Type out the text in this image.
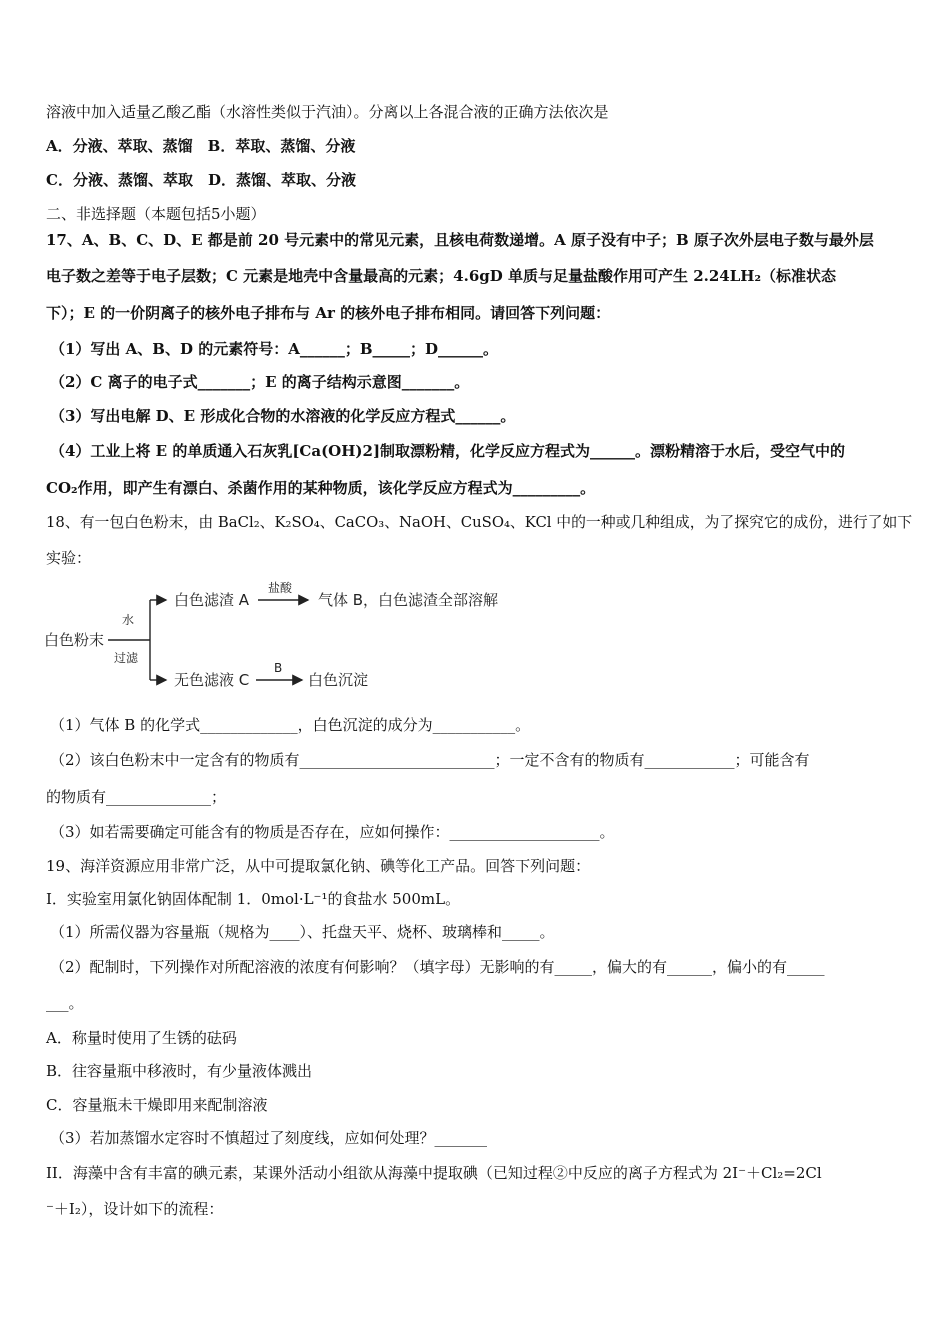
溶液中加入适量乙酸乙酯（水溶性类似于汽油）。分离以上各混合液的正确方法依次是
A．分液、萃取、蒸馏　B．萃取、蒸馏、分液
C．分液、蒸馏、萃取　D．蒸馏、萃取、分液
二、非选择题（本题包括5小题）
17、A、B、C、D、E 都是前 20 号元素中的常见元素，且核电荷数递增。A 原子没有中子；B 原子次外层电子数与最外层
电子数之差等于电子层数；C 元素是地壳中含量最高的元素；4.6gD 单质与足量盐酸作用可产生 2.24LH₂（标准状态
下）；E 的一价阴离子的核外电子排布与 Ar 的核外电子排布相同。请回答下列问题：
（1）写出 A、B、D 的元素符号：A______；B_____；D______。
（2）C 离子的电子式_______；E 的离子结构示意图_______。
（3）写出电解 D、E 形成化合物的水溶液的化学反应方程式______。
（4）工业上将 E 的单质通入石灰乳[Ca(OH)2]制取漂粉精，化学反应方程式为______。漂粉精溶于水后，受空气中的
CO₂作用，即产生有漂白、杀菌作用的某种物质，该化学反应方程式为_________。
18、有一包白色粉末，由 BaCl₂、K₂SO₄、CaCO₃、NaOH、CuSO₄、KCl 中的一种或几种组成，为了探究它的成份，进行了如下
实验：
白色粉末
水
过滤
白色滤渣 A
盐酸
气体 B，白色滤渣全部溶解
无色滤液 C
B
白色沉淀
（1）气体 B 的化学式_____________，白色沉淀的成分为___________。
（2）该白色粉末中一定含有的物质有__________________________；一定不含有的物质有____________；可能含有
的物质有______________；
（3）如若需要确定可能含有的物质是否存在，应如何操作：____________________。
19、海洋资源应用非常广泛，从中可提取氯化钠、碘等化工产品。回答下列问题：
I．实验室用氯化钠固体配制 1．0mol·L⁻¹的食盐水 500mL。
（1）所需仪器为容量瓶（规格为____）、托盘天平、烧杯、玻璃棒和_____。
（2）配制时，下列操作对所配溶液的浓度有何影响？（填字母）无影响的有_____，偏大的有______，偏小的有_____
___。
A．称量时使用了生锈的砝码
B．往容量瓶中移液时，有少量液体溅出
C．容量瓶未干燥即用来配制溶液
（3）若加蒸馏水定容时不慎超过了刻度线，应如何处理？_______
II．海藻中含有丰富的碘元素，某课外活动小组欲从海藻中提取碘（已知过程②中反应的离子方程式为 2I⁻＋Cl₂=2Cl
⁻＋I₂），设计如下的流程：
